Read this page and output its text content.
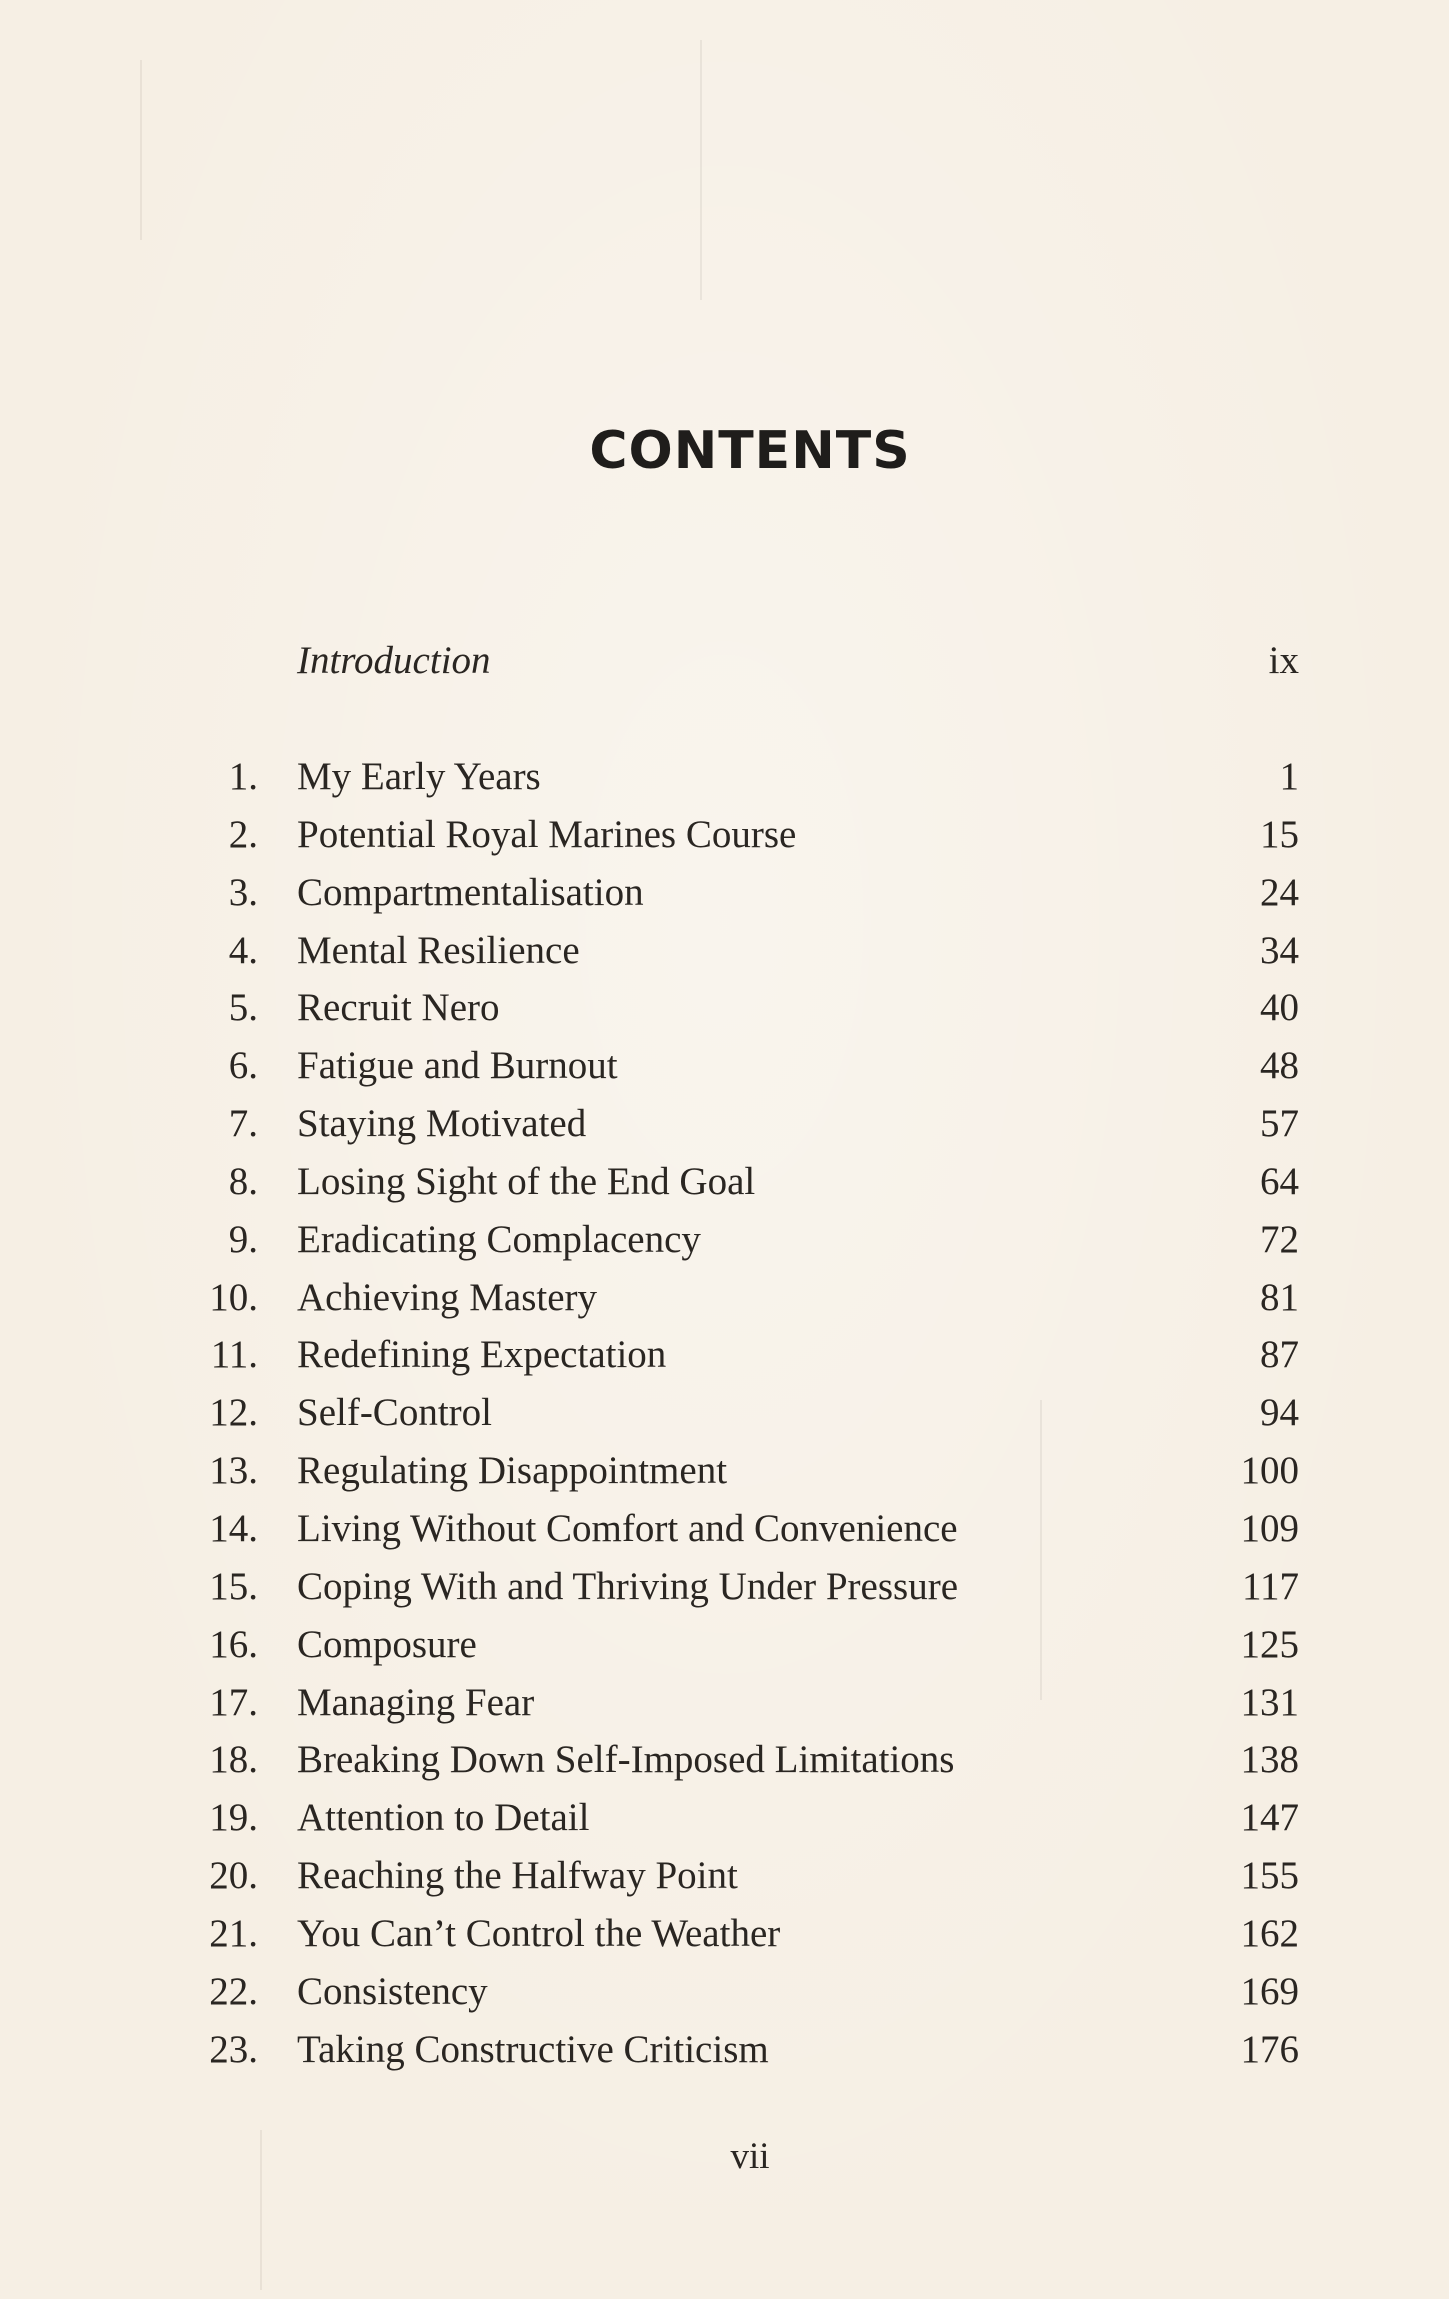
CONTENTS
Introduction	ix
1. My Early Years	1
2. Potential Royal Marines Course	15
3. Compartmentalisation	24
4. Mental Resilience	34
5. Recruit Nero	40
6. Fatigue and Burnout	48
7. Staying Motivated	57
8. Losing Sight of the End Goal	64
9. Eradicating Complacency	72
10. Achieving Mastery	81
11. Redefining Expectation	87
12. Self-Control	94
13. Regulating Disappointment	100
14. Living Without Comfort and Convenience	109
15. Coping With and Thriving Under Pressure	117
16. Composure	125
17. Managing Fear	131
18. Breaking Down Self-Imposed Limitations	138
19. Attention to Detail	147
20. Reaching the Halfway Point	155
21. You Can’t Control the Weather	162
22. Consistency	169
23. Taking Constructive Criticism	176
vii
